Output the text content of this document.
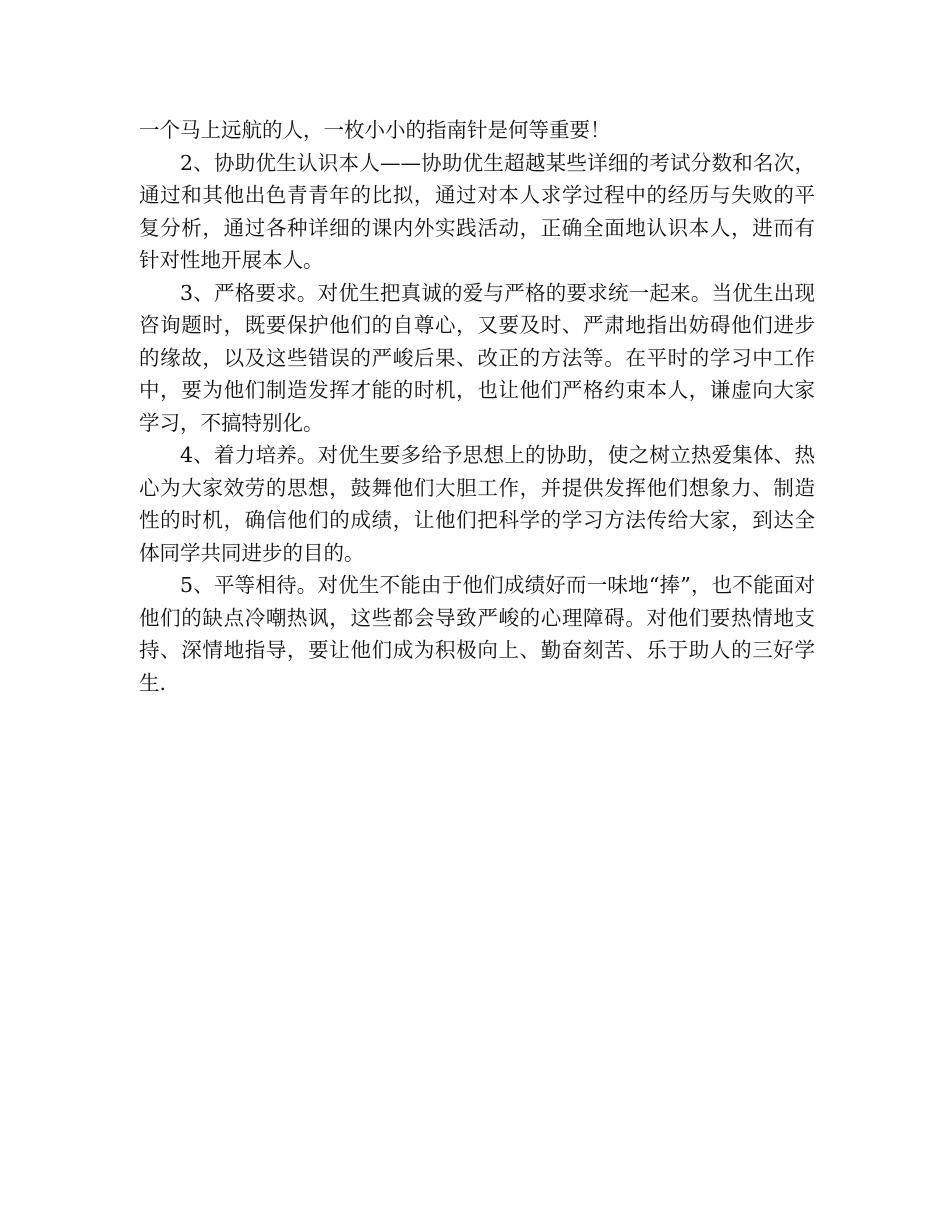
一个马上远航的人，一枚小小的指南针是何等重要！

2、协助优生认识本人——协助优生超越某些详细的考试分数和名次，通过和其他出色青青年的比拟，通过对本人求学过程中的经历与失败的平复分析，通过各种详细的课内外实践活动，正确全面地认识本人，进而有针对性地开展本人。

3、严格要求。对优生把真诚的爱与严格的要求统一起来。当优生出现咨询题时，既要保护他们的自尊心，又要及时、严肃地指出妨碍他们进步的缘故，以及这些错误的严峻后果、改正的方法等。在平时的学习中工作中，要为他们制造发挥才能的时机，也让他们严格约束本人，谦虚向大家学习，不搞特别化。

4、着力培养。对优生要多给予思想上的协助，使之树立热爱集体、热心为大家效劳的思想，鼓舞他们大胆工作，并提供发挥他们想象力、制造性的时机，确信他们的成绩，让他们把科学的学习方法传给大家，到达全体同学共同进步的目的。

5、平等相待。对优生不能由于他们成绩好而一味地“捧”，也不能面对他们的缺点冷嘲热讽，这些都会导致严峻的心理障碍。对他们要热情地支持、深情地指导，要让他们成为积极向上、勤奋刻苦、乐于助人的三好学生.
